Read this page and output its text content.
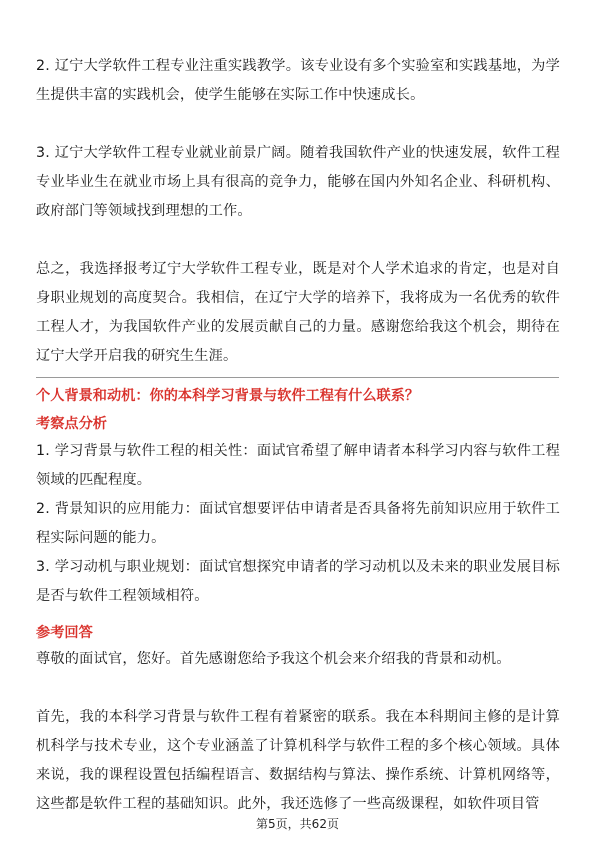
2. 辽宁大学软件工程专业注重实践教学。该专业设有多个实验室和实践基地，为学生提供丰富的实践机会，使学生能够在实际工作中快速成长。

3. 辽宁大学软件工程专业就业前景广阔。随着我国软件产业的快速发展，软件工程专业毕业生在就业市场上具有很高的竞争力，能够在国内外知名企业、科研机构、政府部门等领域找到理想的工作。

总之，我选择报考辽宁大学软件工程专业，既是对个人学术追求的肯定，也是对自身职业规划的高度契合。我相信，在辽宁大学的培养下，我将成为一名优秀的软件工程人才，为我国软件产业的发展贡献自己的力量。感谢您给我这个机会，期待在辽宁大学开启我的研究生生涯。

个人背景和动机：你的本科学习背景与软件工程有什么联系？

考察点分析

1. 学习背景与软件工程的相关性：面试官希望了解申请者本科学习内容与软件工程领域的匹配程度。

2. 背景知识的应用能力：面试官想要评估申请者是否具备将先前知识应用于软件工程实际问题的能力。

3. 学习动机与职业规划：面试官想探究申请者的学习动机以及未来的职业发展目标是否与软件工程领域相符。

参考回答

尊敬的面试官，您好。首先感谢您给予我这个机会来介绍我的背景和动机。

首先，我的本科学习背景与软件工程有着紧密的联系。我在本科期间主修的是计算机科学与技术专业，这个专业涵盖了计算机科学与软件工程的多个核心领域。具体来说，我的课程设置包括编程语言、数据结构与算法、操作系统、计算机网络等，这些都是软件工程的基础知识。此外，我还选修了一些高级课程，如软件项目管

第5页，共62页
